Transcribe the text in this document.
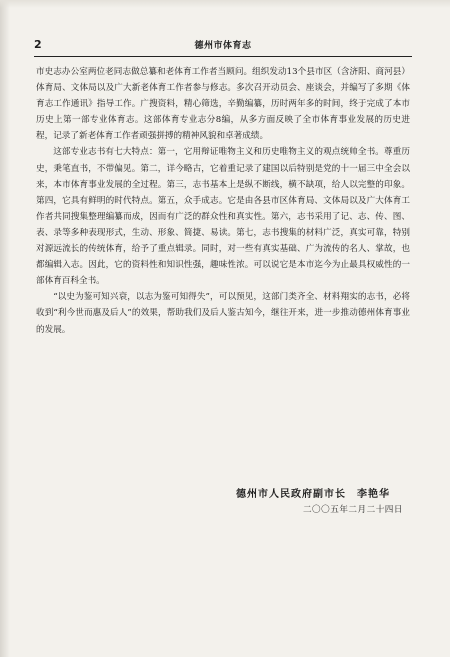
2	德州市体育志

市史志办公室两位老同志做总纂和老体育工作者当顾问。组织发动13个县市区（含济阳、商河县）体育局、文体局以及广大新老体育工作者参与修志。多次召开动员会、座谈会，并编写了多期《体育志工作通讯》指导工作。广搜资料，精心筛选，辛勤编纂，历时两年多的时间，终于完成了本市历史上第一部专业体育志。这部体育专业志分8编，从多方面反映了全市体育事业发展的历史进程，记录了新老体育工作者顽强拼搏的精神风貌和卓著成绩。

这部专业志书有七大特点：第一，它用辩证唯物主义和历史唯物主义的观点统帅全书。尊重历史，秉笔直书，不带偏见。第二，详今略古，它着重记录了建国以后特别是党的十一届三中全会以来，本市体育事业发展的全过程。第三，志书基本上是纵不断线，横不缺项，给人以完整的印象。第四，它具有鲜明的时代特点。第五，众手成志。它是由各县市区体育局、文体局以及广大体育工作者共同搜集整理编纂而成，因而有广泛的群众性和真实性。第六，志书采用了记、志、传、图、表、录等多种表现形式，生动、形象、简捷、易读。第七，志书搜集的材料广泛，真实可靠，特别对源远流长的传统体育，给予了重点辑录。同时，对一些有真实基础、广为流传的名人、掌故，也都编辑入志。因此，它的资料性和知识性强，趣味性浓。可以说它是本市迄今为止最具权威性的一部体育百科全书。

“以史为鉴可知兴衰，以志为鉴可知得失”，可以预见，这部门类齐全、材料翔实的志书，必将收到“利今世而惠及后人”的效果，帮助我们及后人鉴古知今，继往开来，进一步推动德州体育事业的发展。

德州市人民政府副市长　李艳华
二〇〇五年二月二十四日
